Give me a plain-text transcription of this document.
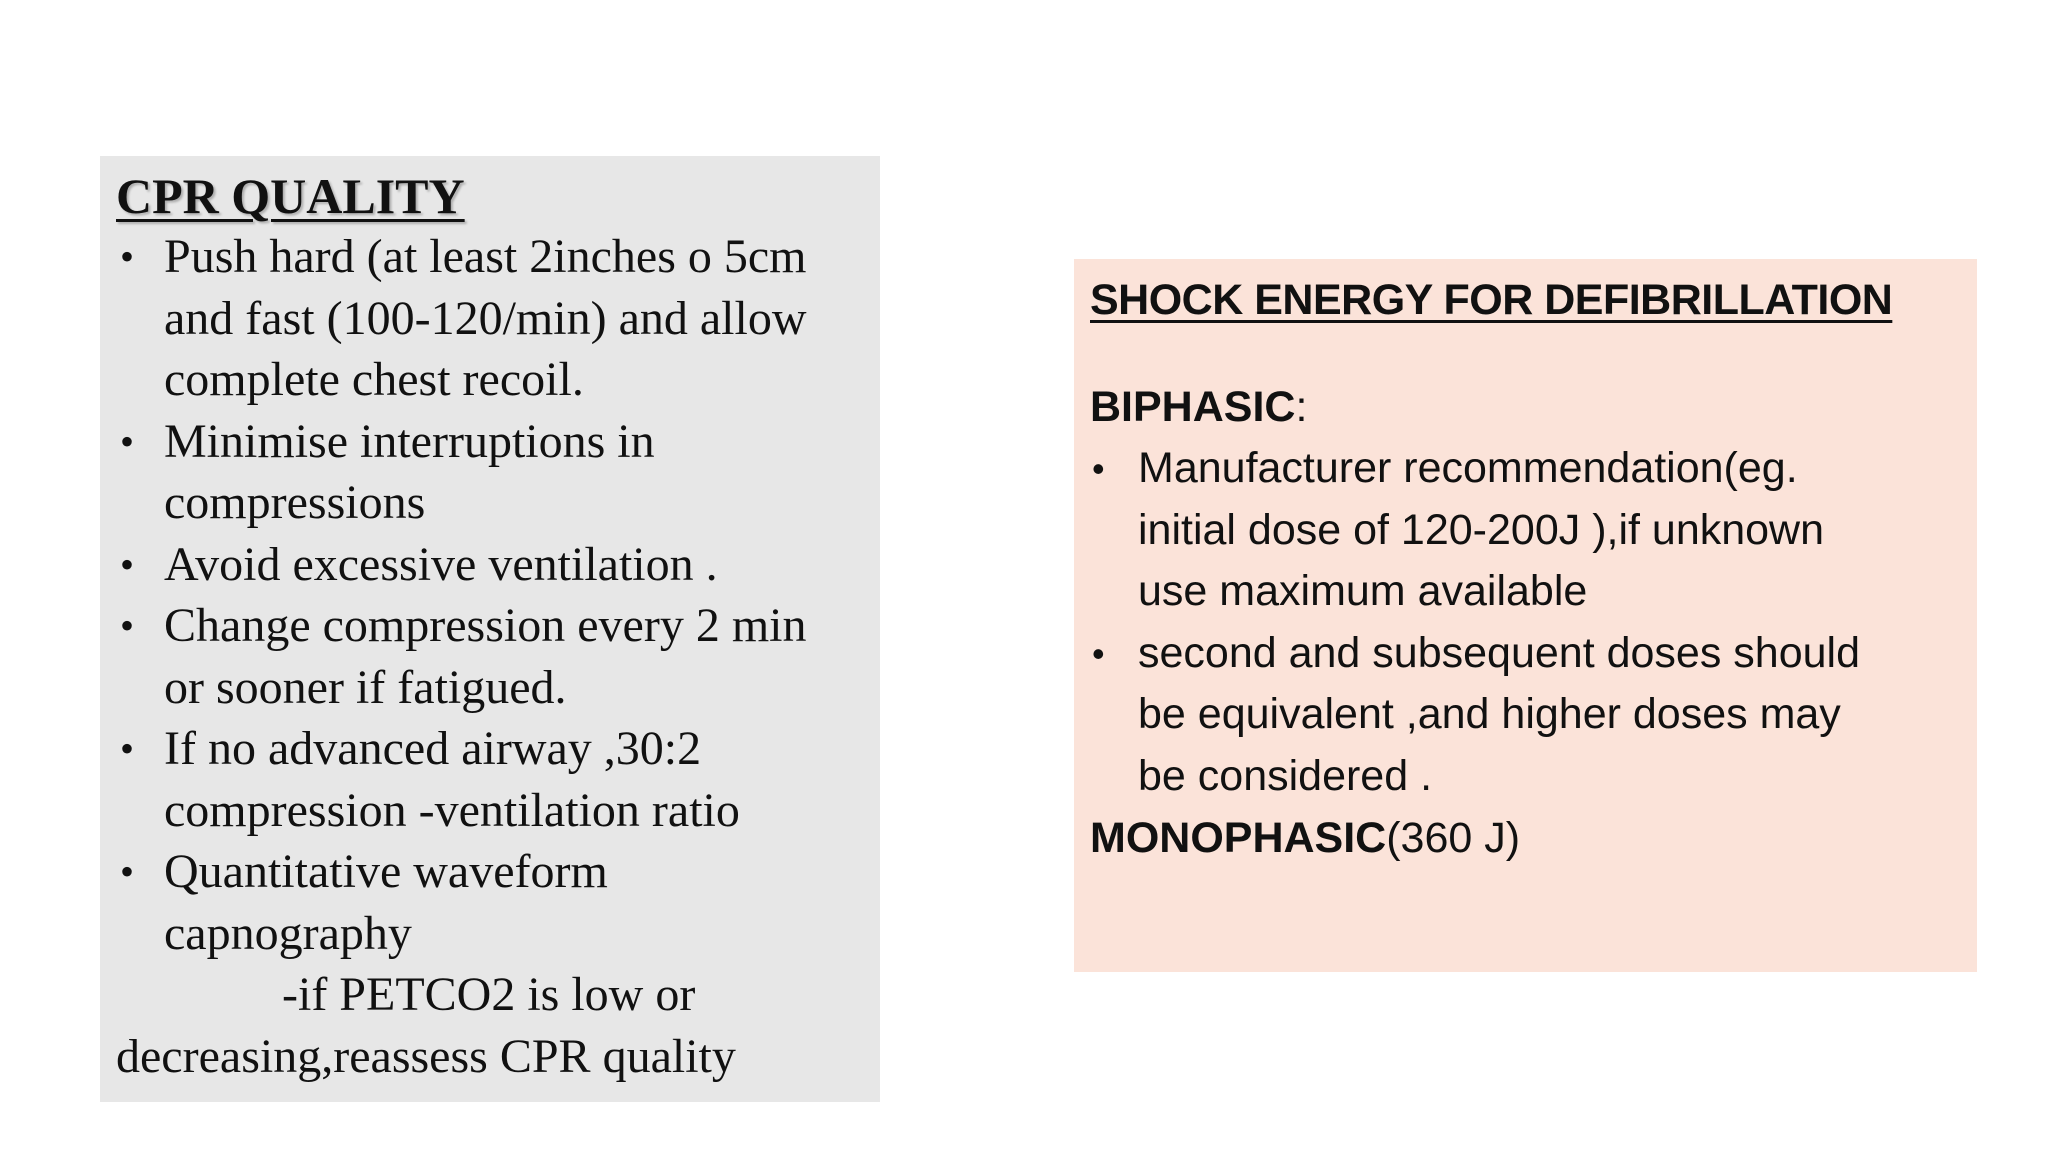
CPR QUALITY
• Push hard (at least 2inches o 5cm
and fast (100-120/min) and allow
complete chest recoil.
• Minimise interruptions in
compressions
• Avoid excessive ventilation .
• Change compression every 2 min
or sooner if fatigued.
• If no advanced airway ,30:2
compression -ventilation ratio
• Quantitative waveform
capnography
-if PETCO2 is low or
decreasing,reassess CPR quality
SHOCK ENERGY FOR DEFIBRILLATION
BIPHASIC:
• Manufacturer recommendation(eg.
initial dose of 120-200J ),if unknown
use maximum available
• second and subsequent doses should
be equivalent ,and higher doses may
be considered .
MONOPHASIC(360 J)
